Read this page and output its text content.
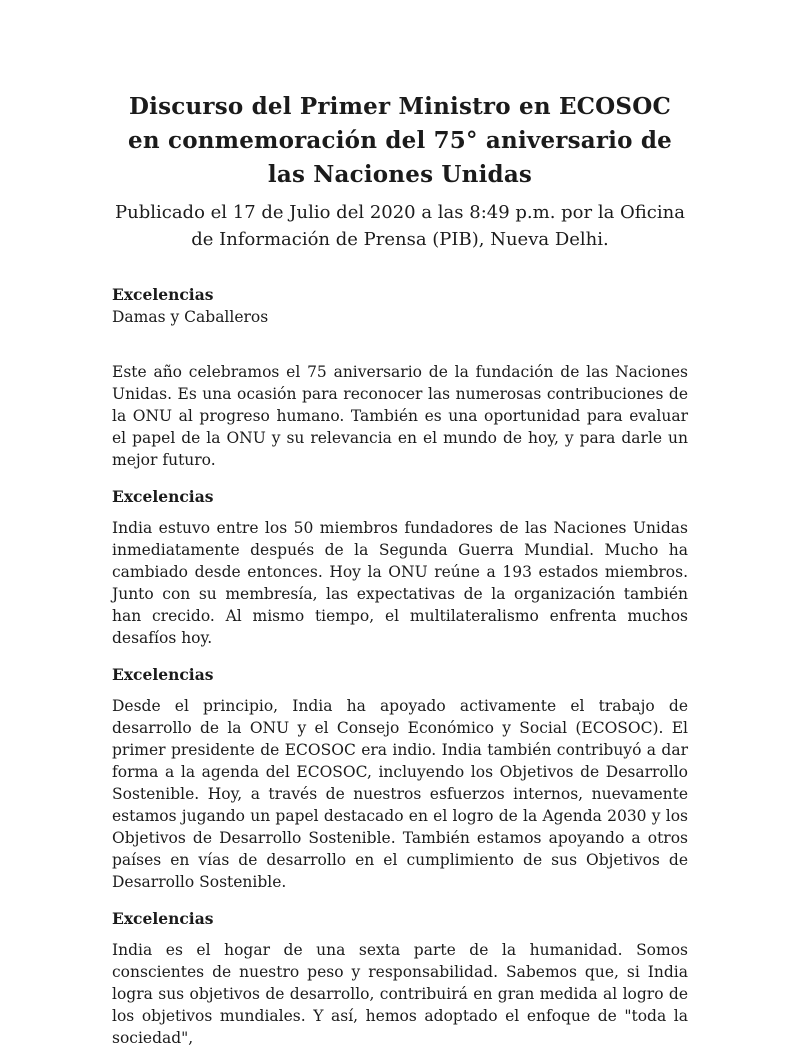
Discurso del Primer Ministro en ECOSOC en conmemoración del 75° aniversario de las Naciones Unidas

Publicado el 17 de Julio del 2020 a las 8:49 p.m. por la Oficina de Información de Prensa (PIB), Nueva Delhi.

Excelencias

Damas y Caballeros

Este año celebramos el 75 aniversario de la fundación de las Naciones Unidas. Es una ocasión para reconocer las numerosas contribuciones de la ONU al progreso humano. También es una oportunidad para evaluar el papel de la ONU y su relevancia en el mundo de hoy, y para darle un mejor futuro.

Excelencias

India estuvo entre los 50 miembros fundadores de las Naciones Unidas inmediatamente después de la Segunda Guerra Mundial. Mucho ha cambiado desde entonces. Hoy la ONU reúne a 193 estados miembros. Junto con su membresía, las expectativas de la organización también han crecido. Al mismo tiempo, el multilateralismo enfrenta muchos desafíos hoy.

Excelencias

Desde el principio, India ha apoyado activamente el trabajo de desarrollo de la ONU y el Consejo Económico y Social (ECOSOC). El primer presidente de ECOSOC era indio. India también contribuyó a dar forma a la agenda del ECOSOC, incluyendo los Objetivos de Desarrollo Sostenible. Hoy, a través de nuestros esfuerzos internos, nuevamente estamos jugando un papel destacado en el logro de la Agenda 2030 y los Objetivos de Desarrollo Sostenible. También estamos apoyando a otros países en vías de desarrollo en el cumplimiento de sus Objetivos de Desarrollo Sostenible.

Excelencias

India es el hogar de una sexta parte de la humanidad. Somos conscientes de nuestro peso y responsabilidad. Sabemos que, si India logra sus objetivos de desarrollo, contribuirá en gran medida al logro de los objetivos mundiales. Y así, hemos adoptado el enfoque de "toda la sociedad",
